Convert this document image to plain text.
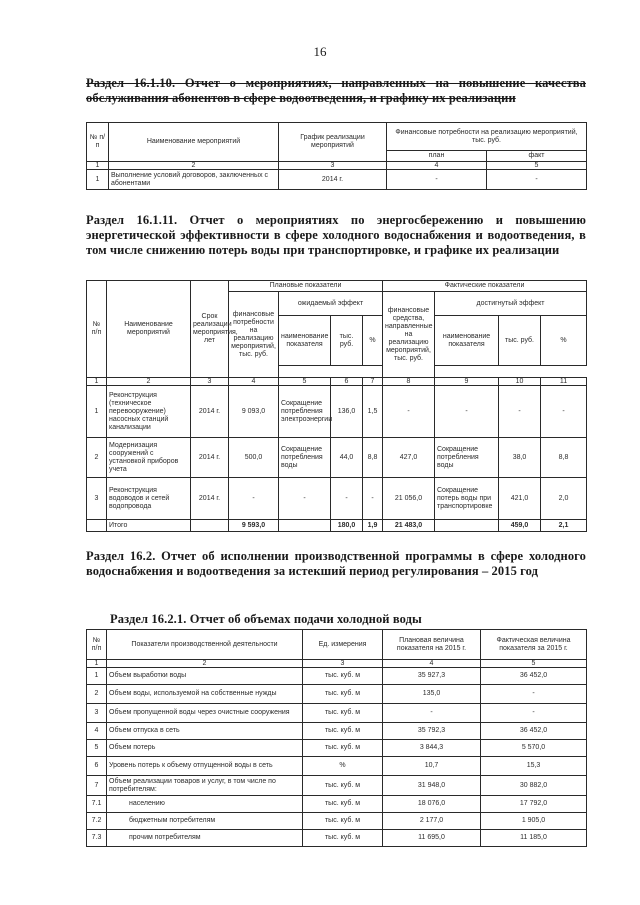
16
Раздел 16.1.10. Отчет о мероприятиях, направленных на повышение качества обслуживания абонентов в сфере водоотведения, и графику их реализации
№ п/п	Наименование мероприятий	График реализации мероприятий	Финансовые потребности на реализацию мероприятий, тыс. руб.	
			план	факт
1	2	3	4	5
1	Выполнение условий договоров, заключенных с абонентами	2014 г.	-	-
Раздел 16.1.11. Отчет о мероприятиях по энергосбережению и повышению энергетической эффективности в сфере холодного водоснабжения и водоотведения, в том числе снижению потерь воды при транспортировке, и графике их реализации
№ п/п	Наименование мероприятий	Срок реализации мероприятия, лет	Плановые показатели				Фактические показатели			
			финансовые потребности на реализацию мероприятий, тыс. руб.	ожидаемый эффект			финансовые средства, направленные на реализацию мероприятий, тыс. руб.	достигнутый эффект		
				наименование показателя	тыс. руб.	%		наименование показателя	тыс. руб.	%

1	2	3	4	5	6	7	8	9	10	11
1	Реконструкция (техническое перевооружение) насосных станций канализации	2014 г.	9 093,0	Сокращение потребления электроэнергии	136,0	1,5	-	-	-	-
2	Модернизация сооружений с установкой приборов учета	2014 г.	500,0	Сокращение потребления воды	44,0	8,8	427,0	Сокращение потребления воды	38,0	8,8
3	Реконструкция водоводов и сетей водопровода	2014 г.	-	-	-	-	21 056,0	Сокращение потерь воды при транспортировке	421,0	2,0
	Итого		9 593,0		180,0	1,9	21 483,0		459,0	2,1
Раздел 16.2. Отчет об исполнении производственной программы в сфере холодного водоснабжения и водоотведения за истекший период регулирования – 2015 год
Раздел 16.2.1. Отчет об объемах подачи холодной воды
№ п/п	Показатели производственной деятельности	Ед. измерения	Плановая величина показателя на 2015 г.	Фактическая величина показателя за 2015 г.
1	2	3	4	5
1	Объем выработки воды	тыс. куб. м	35 927,3	36 452,0
2	Объем воды, используемой на собственные нужды	тыс. куб. м	135,0	-
3	Объем пропущенной воды через очистные сооружения	тыс. куб. м	-	-
4	Объем отпуска в сеть	тыс. куб. м	35 792,3	36 452,0
5	Объем потерь	тыс. куб. м	3 844,3	5 570,0
6	Уровень потерь к объему отпущенной воды в сеть	%	10,7	15,3
7	Объем реализации товаров и услуг, в том числе по потребителям:	тыс. куб. м	31 948,0	30 882,0
7.1	населению	тыс. куб. м	18 076,0	17 792,0
7.2	бюджетным потребителям	тыс. куб. м	2 177,0	1 905,0
7.3	прочим потребителям	тыс. куб. м	11 695,0	11 185,0
